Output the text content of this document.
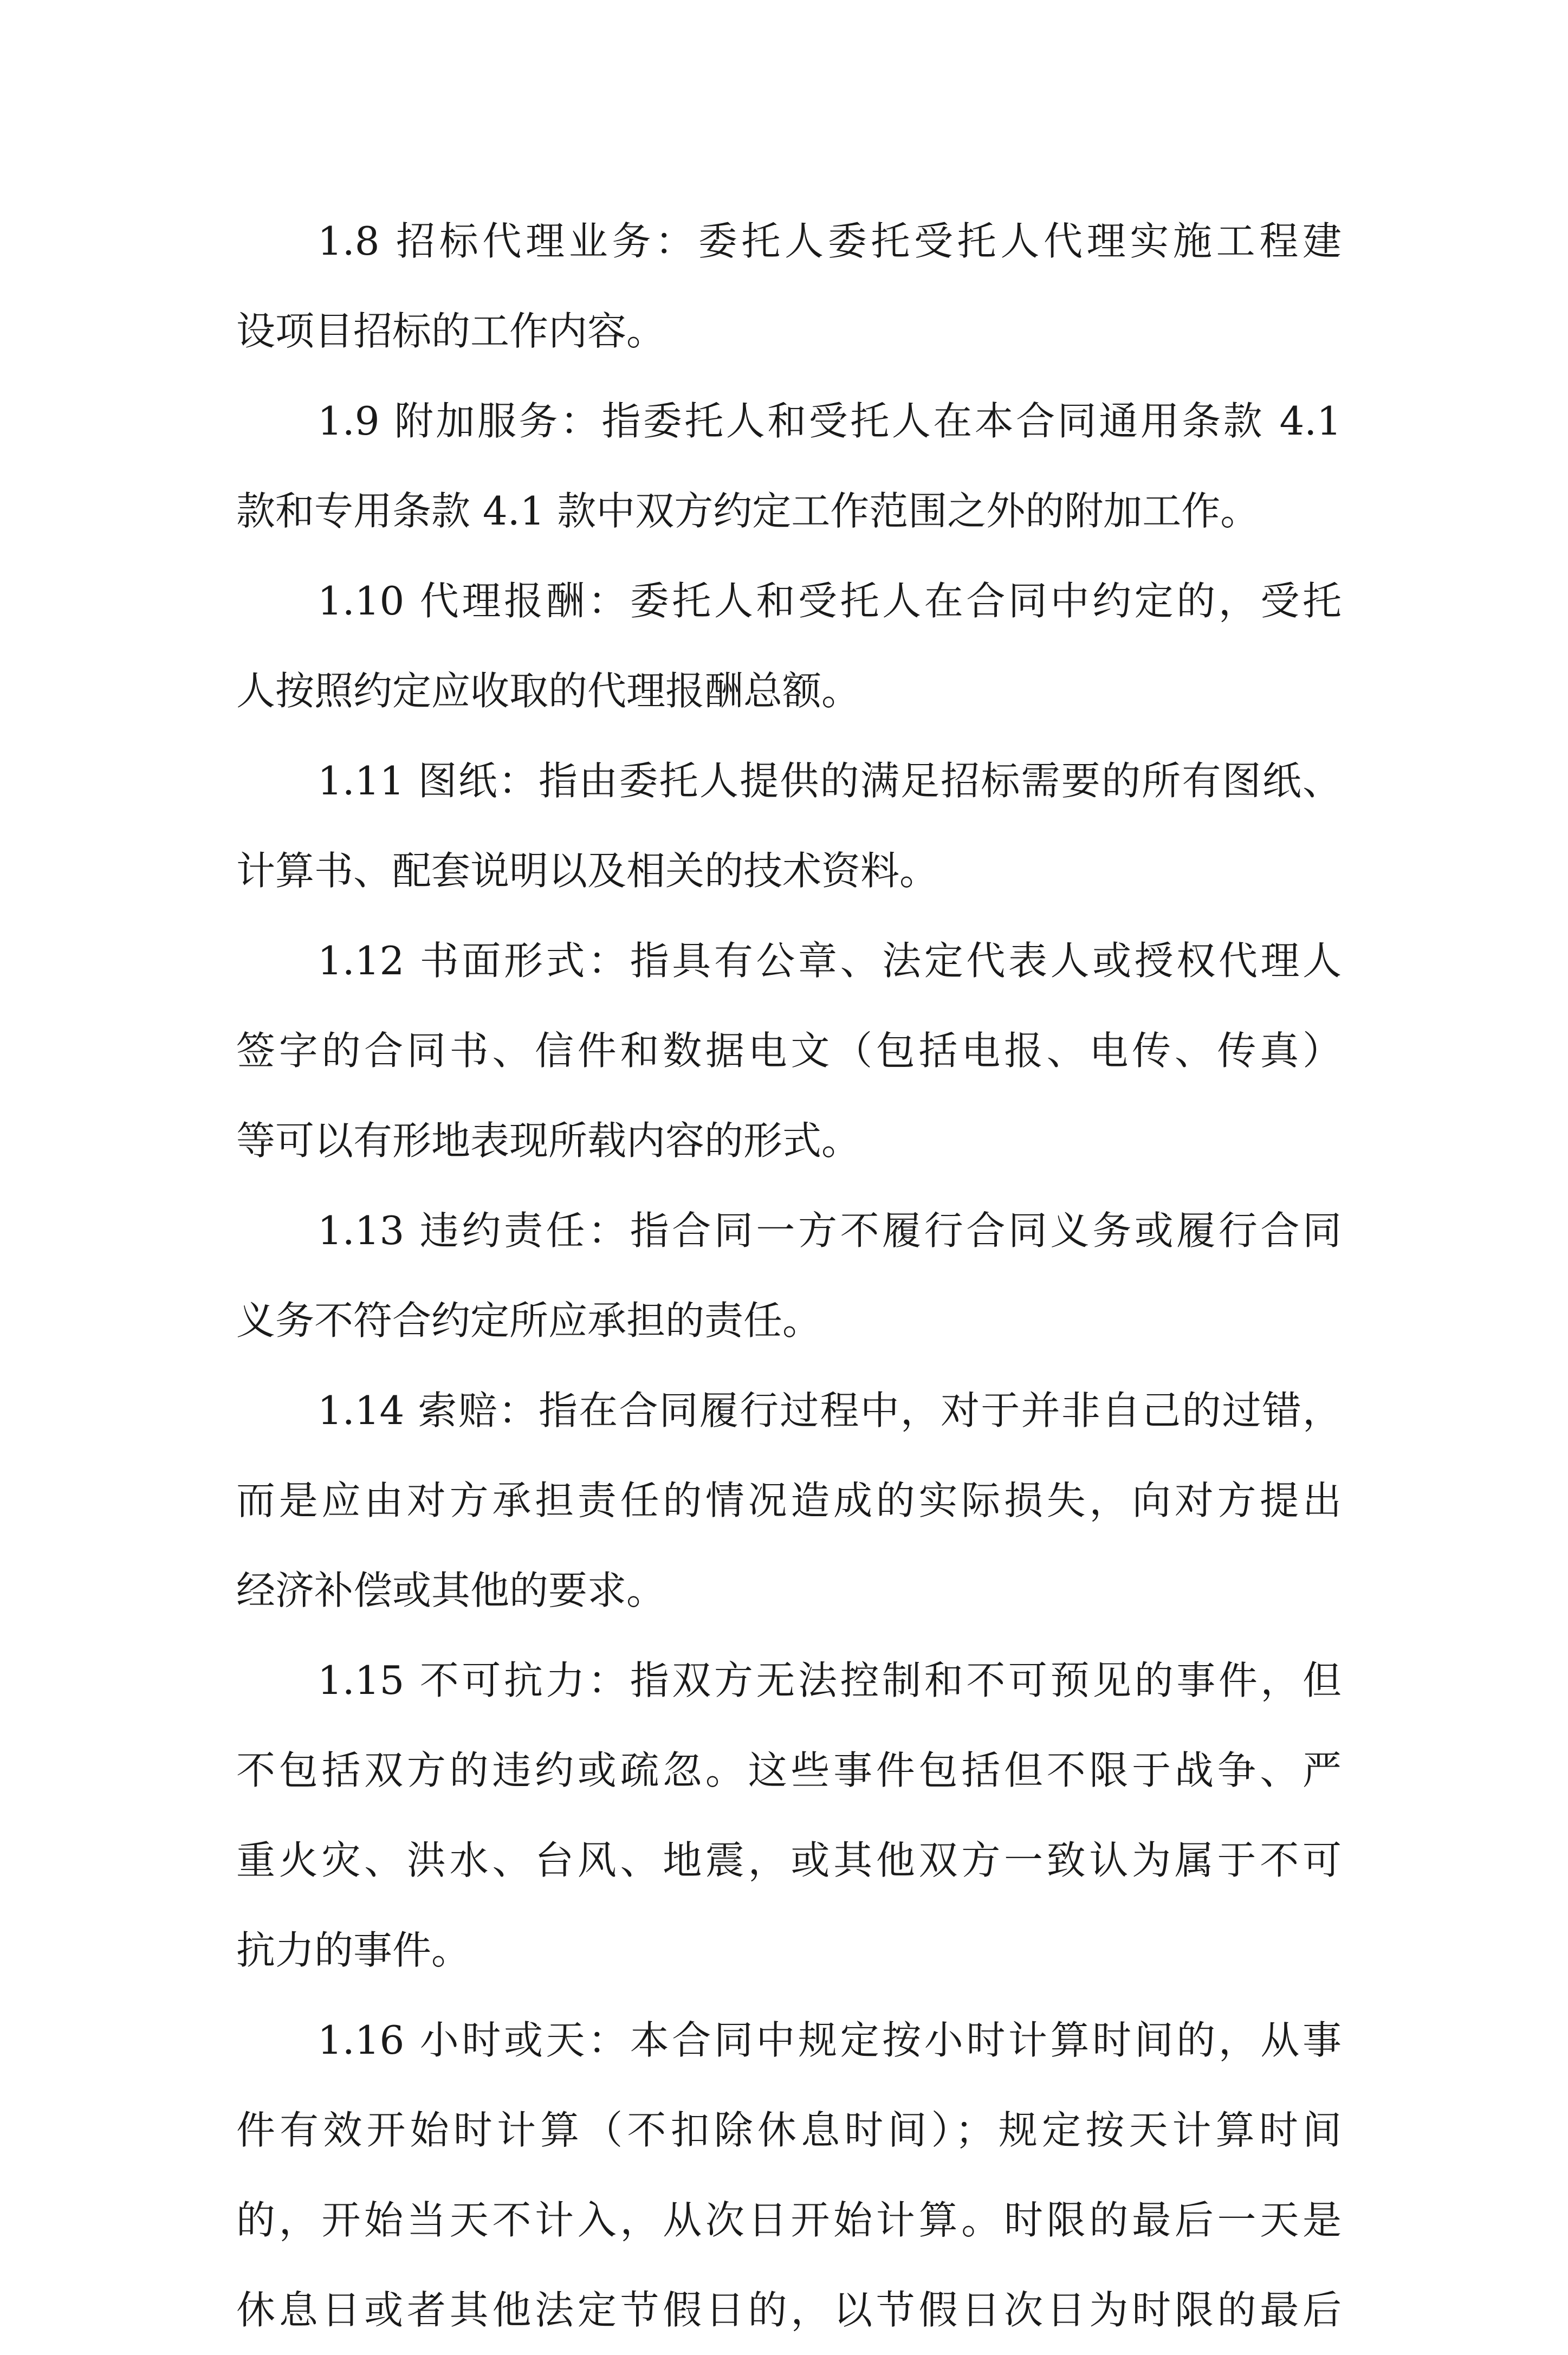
1.8 招标代理业务：委托人委托受托人代理实施工程建
设项目招标的工作内容。
1.9 附加服务：指委托人和受托人在本合同通用条款 4.1
款和专用条款 4.1 款中双方约定工作范围之外的附加工作。
1.10 代理报酬：委托人和受托人在合同中约定的，受托
人按照约定应收取的代理报酬总额。
1.11 图纸：指由委托人提供的满足招标需要的所有图纸、
计算书、配套说明以及相关的技术资料。
1.12 书面形式：指具有公章、法定代表人或授权代理人
签字的合同书、信件和数据电文（包括电报、电传、传真）
等可以有形地表现所载内容的形式。
1.13 违约责任：指合同一方不履行合同义务或履行合同
义务不符合约定所应承担的责任。
1.14 索赔：指在合同履行过程中，对于并非自己的过错，
而是应由对方承担责任的情况造成的实际损失，向对方提出
经济补偿或其他的要求。
1.15 不可抗力：指双方无法控制和不可预见的事件，但
不包括双方的违约或疏忽。这些事件包括但不限于战争、严
重火灾、洪水、台风、地震，或其他双方一致认为属于不可
抗力的事件。
1.16 小时或天：本合同中规定按小时计算时间的，从事
件有效开始时计算（不扣除休息时间）；规定按天计算时间
的，开始当天不计入，从次日开始计算。时限的最后一天是
休息日或者其他法定节假日的，以节假日次日为时限的最后
